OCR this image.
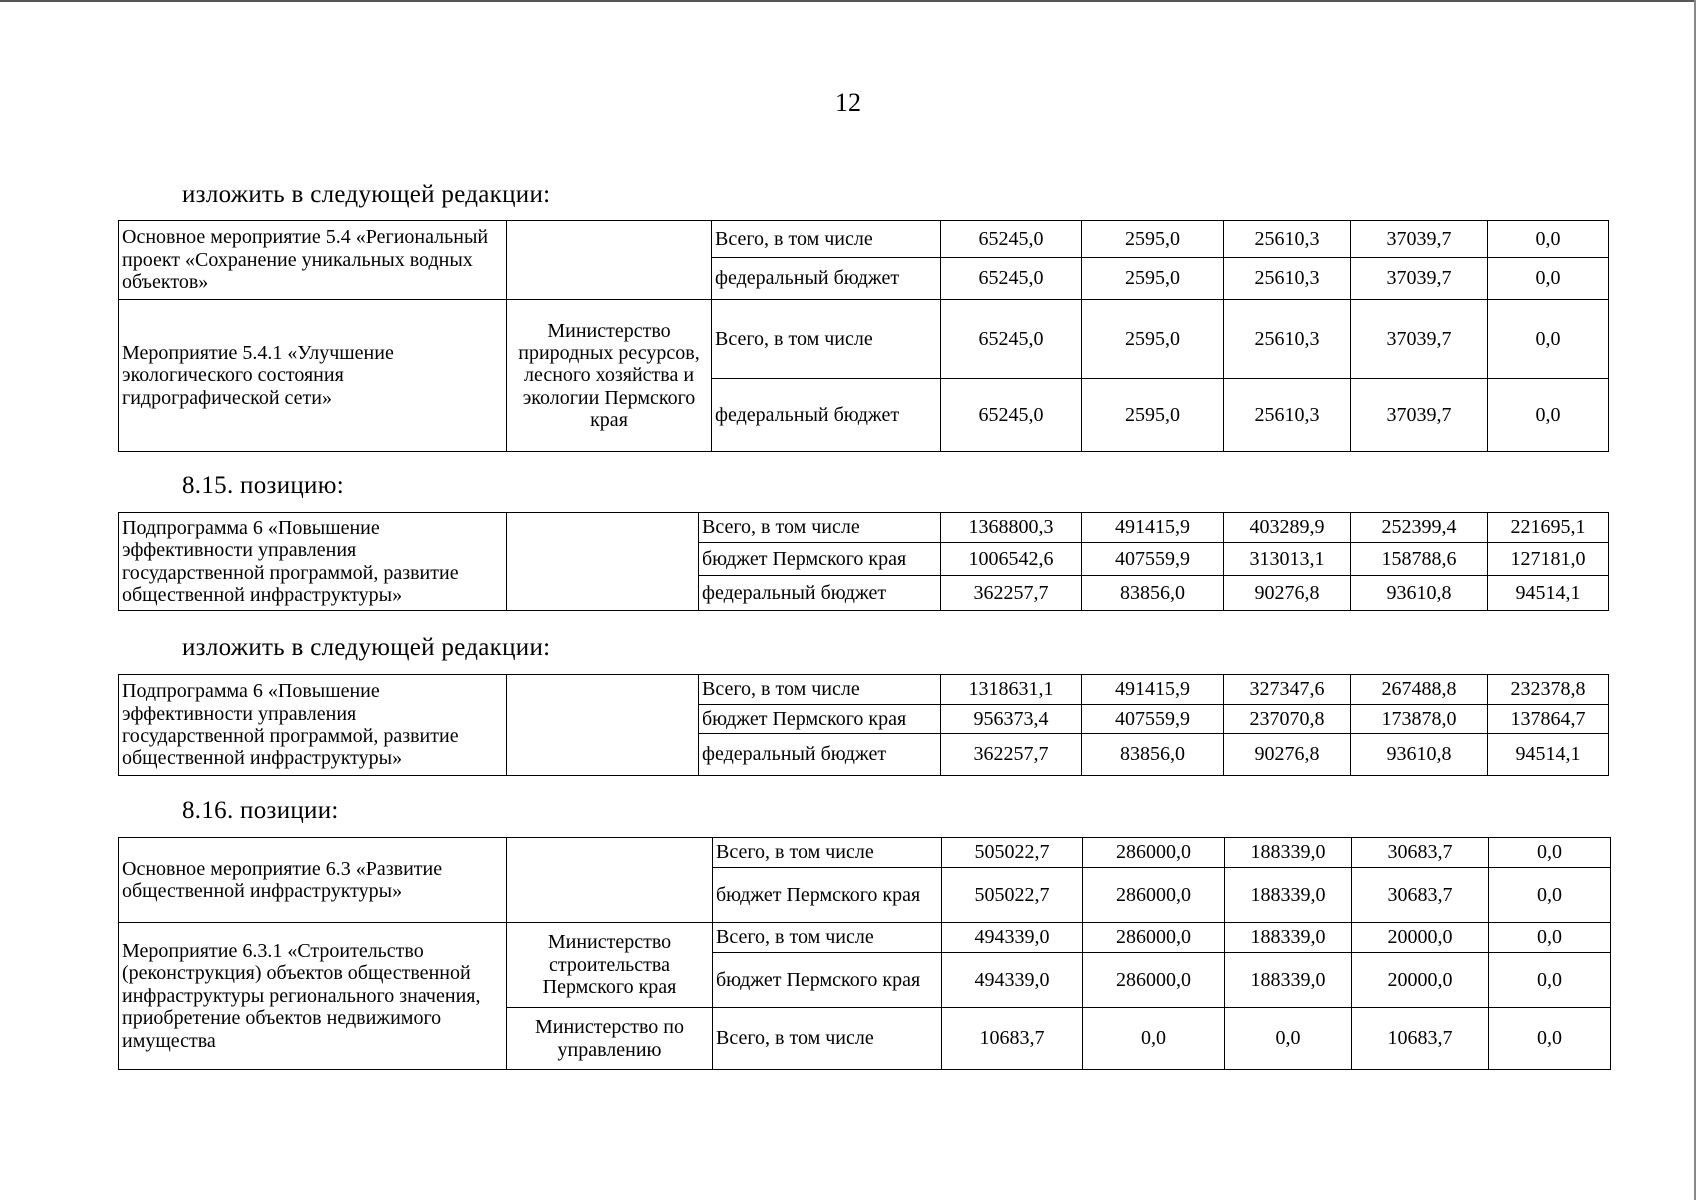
12
изложить в следующей редакции:
Основное мероприятие 5.4 «Региональный проект «Сохранение уникальных водных объектов»		Всего, в том числе	65245,0	2595,0	25610,3	37039,7	0,0
		федеральный бюджет	65245,0	2595,0	25610,3	37039,7	0,0
Мероприятие 5.4.1 «Улучшение экологического состояния гидрографической сети»	Министерство природных ресурсов, лесного хозяйства и экологии Пермского края	Всего, в том числе	65245,0	2595,0	25610,3	37039,7	0,0
		федеральный бюджет	65245,0	2595,0	25610,3	37039,7	0,0
8.15. позицию:
Подпрограмма 6 «Повышение эффективности управления государственной программой, развитие общественной инфраструктуры»		Всего, в том числе	1368800,3	491415,9	403289,9	252399,4	221695,1
		бюджет Пермского края	1006542,6	407559,9	313013,1	158788,6	127181,0
		федеральный бюджет	362257,7	83856,0	90276,8	93610,8	94514,1
изложить в следующей редакции:
Подпрограмма 6 «Повышение эффективности управления государственной программой, развитие общественной инфраструктуры»		Всего, в том числе	1318631,1	491415,9	327347,6	267488,8	232378,8
		бюджет Пермского края	956373,4	407559,9	237070,8	173878,0	137864,7
		федеральный бюджет	362257,7	83856,0	90276,8	93610,8	94514,1
8.16. позиции:
Основное мероприятие 6.3 «Развитие общественной инфраструктуры»		Всего, в том числе	505022,7	286000,0	188339,0	30683,7	0,0
		бюджет Пермского края	505022,7	286000,0	188339,0	30683,7	0,0
Мероприятие 6.3.1 «Строительство (реконструкция) объектов общественной инфраструктуры регионального значения, приобретение объектов недвижимого имущества	Министерство строительства Пермского края	Всего, в том числе	494339,0	286000,0	188339,0	20000,0	0,0
		бюджет Пермского края	494339,0	286000,0	188339,0	20000,0	0,0
	Министерство по управлению	Всего, в том числе	10683,7	0,0	0,0	10683,7	0,0
